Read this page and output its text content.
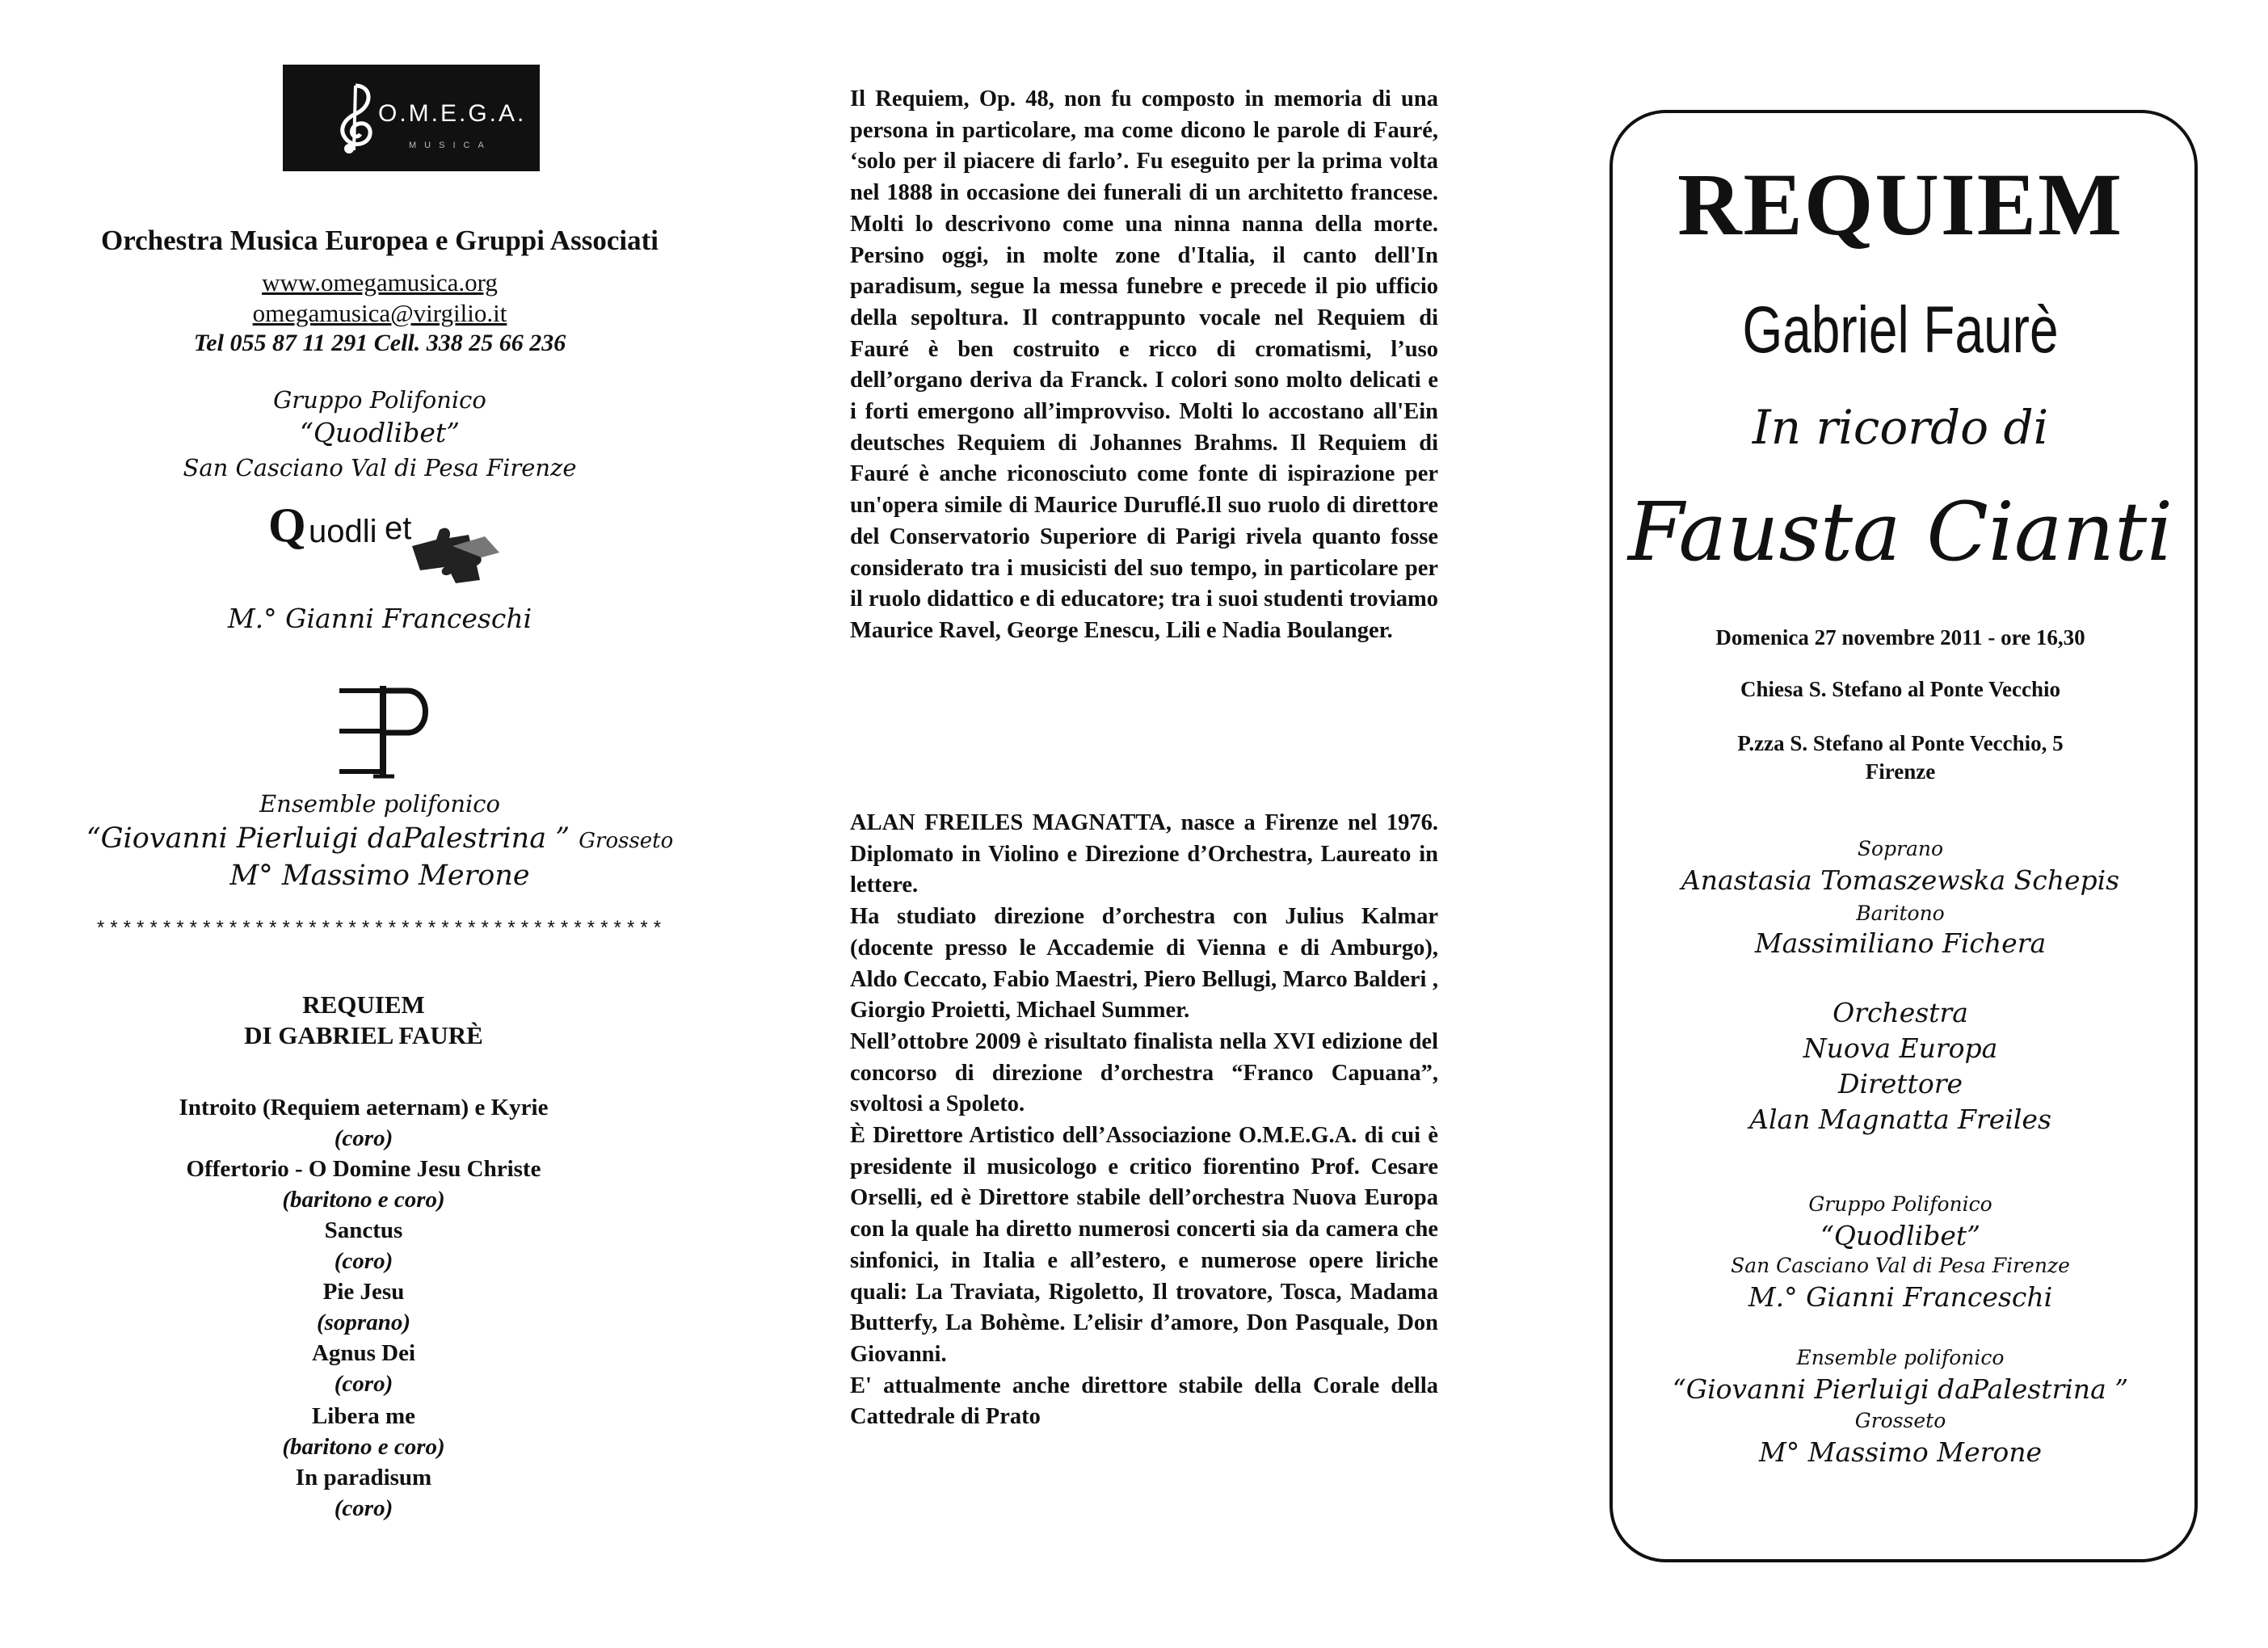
O.M.E.G.A.
MUSICA
Orchestra Musica Europea e Gruppi Associati
www.omegamusica.org
omegamusica@virgilio.it
Tel 055 87 11 291 Cell. 338 25 66 236
Gruppo Polifonico
“Quodlibet”
San Casciano Val di Pesa Firenze
Q uodli et
M.° Gianni Franceschi
Ensemble polifonico
“Giovanni Pierluigi daPalestrina ” Grosseto
M° Massimo Merone
*******************************************
REQUIEM
DI GABRIEL FAURÈ
Introito (Requiem aeternam) e Kyrie
(coro)
Offertorio - O Domine Jesu Christe
(baritono e coro)
Sanctus
(coro)
Pie Jesu
(soprano)
Agnus Dei
(coro)
Libera me
(baritono e coro)
In paradisum
(coro)

Il Requiem, Op. 48, non fu composto in memoria di una persona in particolare, ma come dicono le parole di Fauré, ‘solo per il piacere di farlo’. Fu eseguito per la prima volta nel 1888 in occasione dei funerali di un architetto francese. Molti lo descrivono come una ninna nanna della morte. Persino oggi, in molte zone d'Italia, il canto dell'In paradisum, segue la messa funebre e precede il pio ufficio della sepoltura. Il contrappunto vocale nel Requiem di Fauré è ben costruito e ricco di cromatismi, l’uso dell’organo deriva da Franck. I colori sono molto delicati e i forti emergono all’improvviso. Molti lo accostano all'Ein deutsches Requiem di Johannes Brahms. Il Requiem di Fauré è anche riconosciuto come fonte di ispirazione per un'opera simile di Maurice Duruflé.Il suo ruolo di direttore del Conservatorio Superiore di Parigi rivela quanto fosse considerato tra i musicisti del suo tempo, in particolare per il ruolo didattico e di educatore; tra i suoi studenti troviamo Maurice Ravel, George Enescu, Lili e Nadia Boulanger.

ALAN FREILES MAGNATTA, nasce a Firenze nel 1976. Diplomato in Violino e Direzione d’Orchestra, Laureato in lettere.

Ha studiato direzione d’orchestra con Julius Kalmar (docente presso le Accademie di Vienna e di Amburgo), Aldo Ceccato, Fabio Maestri, Piero Bellugi, Marco Balderi , Giorgio Proietti, Michael Summer.

Nell’ottobre 2009 è risultato finalista nella XVI edizione del concorso di direzione d’orchestra “Franco Capuana”, svoltosi a Spoleto.

È Direttore Artistico dell’Associazione O.M.E.G.A. di cui è presidente il musicologo e critico fiorentino Prof. Cesare Orselli, ed è Direttore stabile dell’orchestra Nuova Europa con la quale ha diretto numerosi concerti sia da camera che sinfonici, in Italia e all’estero, e numerose opere liriche quali: La Traviata, Rigoletto, Il trovatore, Tosca, Madama Butterfy, La Bohème. L’elisir d’amore, Don Pasquale, Don Giovanni.

E' attualmente anche direttore stabile della Corale della Cattedrale di Prato

REQUIEM
Gabriel Faurè
In ricordo di
Fausta Cianti
Domenica 27 novembre 2011 - ore 16,30
Chiesa S. Stefano al Ponte Vecchio
P.zza S. Stefano al Ponte Vecchio, 5
Firenze
Soprano
Anastasia Tomaszewska Schepis
Baritono
Massimiliano Fichera
Orchestra
Nuova Europa
Direttore
Alan Magnatta Freiles
Gruppo Polifonico
“Quodlibet”
San Casciano Val di Pesa Firenze
M.° Gianni Franceschi
Ensemble polifonico
“Giovanni Pierluigi daPalestrina ”
Grosseto
M° Massimo Merone
